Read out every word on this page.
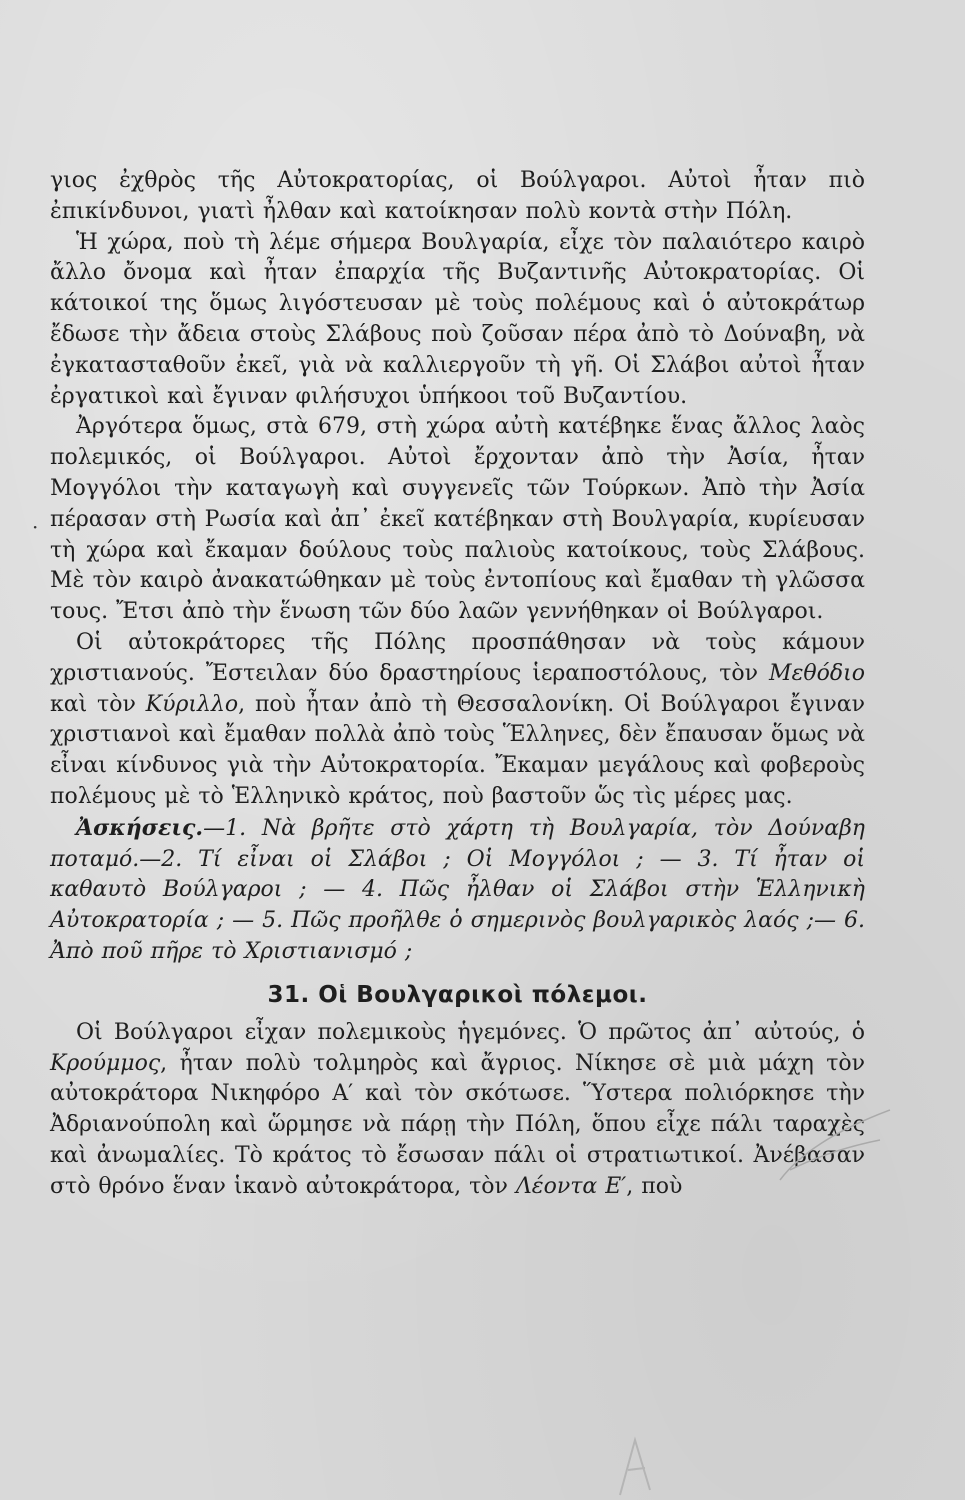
·

γιος ἐχθρὸς τῆς Αὐτοκρατορίας, οἱ Βούλγαροι. Αὐτοὶ ἦταν πιὸ ἐπικίνδυνοι, γιατὶ ἦλθαν καὶ κατοίκησαν πολὺ κοντὰ στὴν Πόλη.

Ἡ χώρα, ποὺ τὴ λέμε σήμερα Βουλγαρία, εἶχε τὸν παλαιότερο καιρὸ ἄλλο ὄνομα καὶ ἦταν ἐπαρχία τῆς Βυζαντινῆς Αὐτοκρατορίας. Οἱ κάτοικοί της ὅμως λιγόστευσαν μὲ τοὺς πολέμους καὶ ὁ αὐτοκράτωρ ἔδωσε τὴν ἄδεια στοὺς Σλάβους ποὺ ζοῦσαν πέρα ἀπὸ τὸ Δούναβη, νὰ ἐγκατασταθοῦν ἐκεῖ, γιὰ νὰ καλλιεργοῦν τὴ γῆ. Οἱ Σλάβοι αὐτοὶ ἦταν ἐργατικοὶ καὶ ἔγιναν φιλήσυχοι ὑπήκοοι τοῦ Βυζαντίου.

Ἀργότερα ὅμως, στὰ 679, στὴ χώρα αὐτὴ κατέβηκε ἕνας ἄλλος λαὸς πολεμικός, οἱ Βούλγαροι. Αὐτοὶ ἔρχονταν ἀπὸ τὴν Ἀσία, ἦταν Μογγόλοι τὴν καταγωγὴ καὶ συγγενεῖς τῶν Τούρκων. Ἀπὸ τὴν Ἀσία πέρασαν στὴ Ρωσία καὶ ἀπ᾽ ἐκεῖ κατέβηκαν στὴ Βουλγαρία, κυρίευσαν τὴ χώρα καὶ ἔκαμαν δούλους τοὺς παλιοὺς κατοίκους, τοὺς Σλάβους. Μὲ τὸν καιρὸ ἀνακατώθηκαν μὲ τοὺς ἐντοπίους καὶ ἔμαθαν τὴ γλῶσσα τους. Ἔτσι ἀπὸ τὴν ἕνωση τῶν δύο λαῶν γεννήθηκαν οἱ Βούλγαροι.

Οἱ αὐτοκράτορες τῆς Πόλης προσπάθησαν νὰ τοὺς κάμουν χριστιανούς. Ἔστειλαν δύο δραστηρίους ἱεραποστόλους, τὸν Μεθόδιο καὶ τὸν Κύριλλο, ποὺ ἦταν ἀπὸ τὴ Θεσσαλονίκη. Οἱ Βούλγαροι ἔγιναν χριστιανοὶ καὶ ἔμαθαν πολλὰ ἀπὸ τοὺς Ἕλληνες, δὲν ἔπαυσαν ὅμως νὰ εἶναι κίνδυνος γιὰ τὴν Αὐτοκρατορία. Ἔκαμαν μεγάλους καὶ φοβεροὺς πολέμους μὲ τὸ Ἑλληνικὸ κράτος, ποὺ βαστοῦν ὥς τὶς μέρες μας.

Ἀσκήσεις.—1. Νὰ βρῆτε στὸ χάρτη τὴ Βουλγαρία, τὸν Δούναβη ποταμό.—2. Τί εἶναι οἱ Σλάβοι ; Οἱ Μογγόλοι ; — 3. Τί ἦταν οἱ καθαυτὸ Βούλγαροι ; — 4. Πῶς ἦλθαν οἱ Σλάβοι στὴν Ἑλληνικὴ Αὐτοκρατορία ; — 5. Πῶς προῆλθε ὁ σημερινὸς βουλγαρικὸς λαός ;— 6. Ἀπὸ ποῦ πῆρε τὸ Χριστιανισμό ;

31. Οἱ Βουλγαρικοὶ πόλεμοι.

Οἱ Βούλγαροι εἶχαν πολεμικοὺς ἡγεμόνες. Ὁ πρῶτος ἀπ᾽ αὐτούς, ὁ Κρούμμος, ἦταν πολὺ τολμηρὸς καὶ ἄγριος. Νίκησε σὲ μιὰ μάχη τὸν αὐτοκράτορα Νικηφόρο Α′ καὶ τὸν σκότωσε. Ὕστερα πολιόρκησε τὴν Ἀδριανούπολη καὶ ὥρμησε νὰ πάρῃ τὴν Πόλη, ὅπου εἶχε πάλι ταραχὲς καὶ ἀνωμαλίες. Τὸ κράτος τὸ ἔσωσαν πάλι οἱ στρατιωτικοί. Ἀνέβασαν στὸ θρόνο ἕναν ἱκανὸ αὐτοκράτορα, τὸν Λέοντα Ε′, ποὺ
